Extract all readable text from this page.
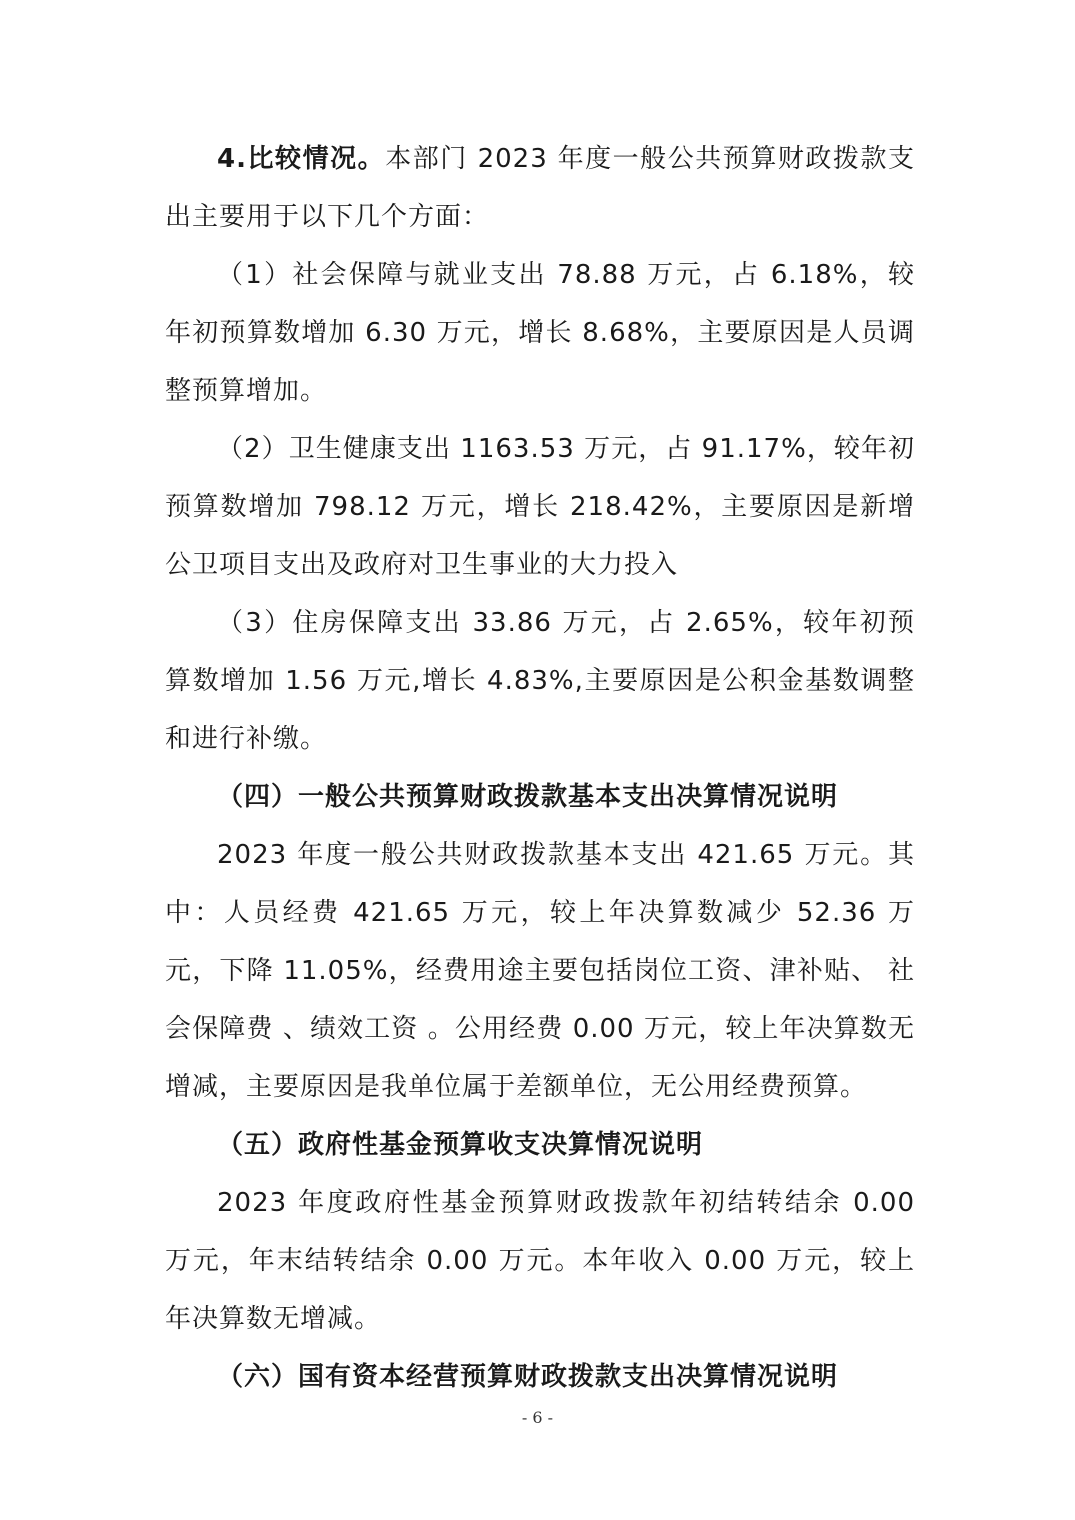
4.比较情况。本部门 2023 年度一般公共预算财政拨款支出主要用于以下几个方面：

（1）社会保障与就业支出 78.88 万元，占 6.18%，较年初预算数增加 6.30 万元，增长 8.68%，主要原因是人员调整预算增加。

（2）卫生健康支出 1163.53 万元，占 91.17%，较年初预算数增加 798.12 万元，增长 218.42%，主要原因是新增公卫项目支出及政府对卫生事业的大力投入

（3）住房保障支出 33.86 万元，占 2.65%，较年初预算数增加 1.56 万元,增长 4.83%,主要原因是公积金基数调整 和进行补缴。

（四）一般公共预算财政拨款基本支出决算情况说明

2023 年度一般公共财政拨款基本支出 421.65 万元。其中：人员经费 421.65 万元，较上年决算数减少 52.36 万元，下降 11.05%，经费用途主要包括岗位工资、津补贴、 社会保障费 、绩效工资 。公用经费 0.00 万元，较上年决算数无增减，主要原因是我单位属于差额单位，无公用经费预算。

（五）政府性基金预算收支决算情况说明

2023 年度政府性基金预算财政拨款年初结转结余 0.00 万元，年末结转结余 0.00 万元。本年收入 0.00 万元，较上年决算数无增减。

（六）国有资本经营预算财政拨款支出决算情况说明

- 6 -
